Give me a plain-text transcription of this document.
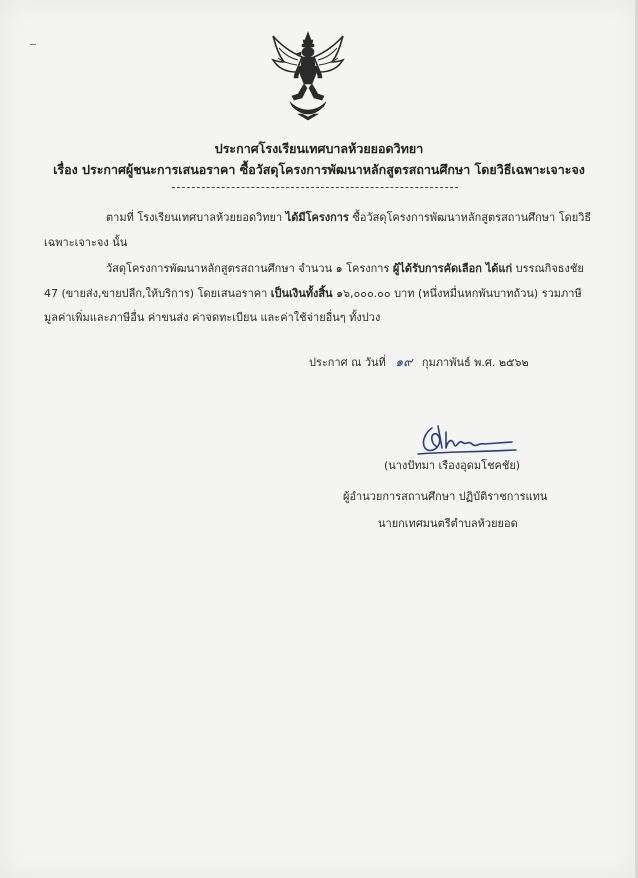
ประกาศโรงเรียนเทศบาลห้วยยอดวิทยา
เรื่อง ประกาศผู้ชนะการเสนอราคา ซื้อวัสดุโครงการพัฒนาหลักสูตรสถานศึกษา โดยวิธีเฉพาะเจาะจง
ตามที่ โรงเรียนเทศบาลห้วยยอดวิทยา ได้มีโครงการ ซื้อวัสดุโครงการพัฒนาหลักสูตรสถานศึกษา โดยวิธี
เฉพาะเจาะจง นั้น
วัสดุโครงการพัฒนาหลักสูตรสถานศึกษา จำนวน ๑ โครงการ ผู้ได้รับการคัดเลือก ได้แก่ บรรณกิจธงชัย
47 (ขายส่ง,ขายปลีก,ให้บริการ) โดยเสนอราคา เป็นเงินทั้งสิ้น ๑๖,๐๐๐.๐๐ บาท (หนึ่งหมื่นหกพันบาทถ้วน) รวมภาษี
มูลค่าเพิ่มและภาษีอื่น ค่าขนส่ง ค่าจดทะเบียน และค่าใช้จ่ายอื่นๆ ทั้งปวง
ประกาศ ณ วันที่ ๑๙ กุมภาพันธ์ พ.ศ. ๒๕๖๒
(นางปัทมา เรืองอุดมโชคชัย)
ผู้อำนวยการสถานศึกษา ปฏิบัติราชการแทน
นายกเทศมนตรีตำบลห้วยยอด
